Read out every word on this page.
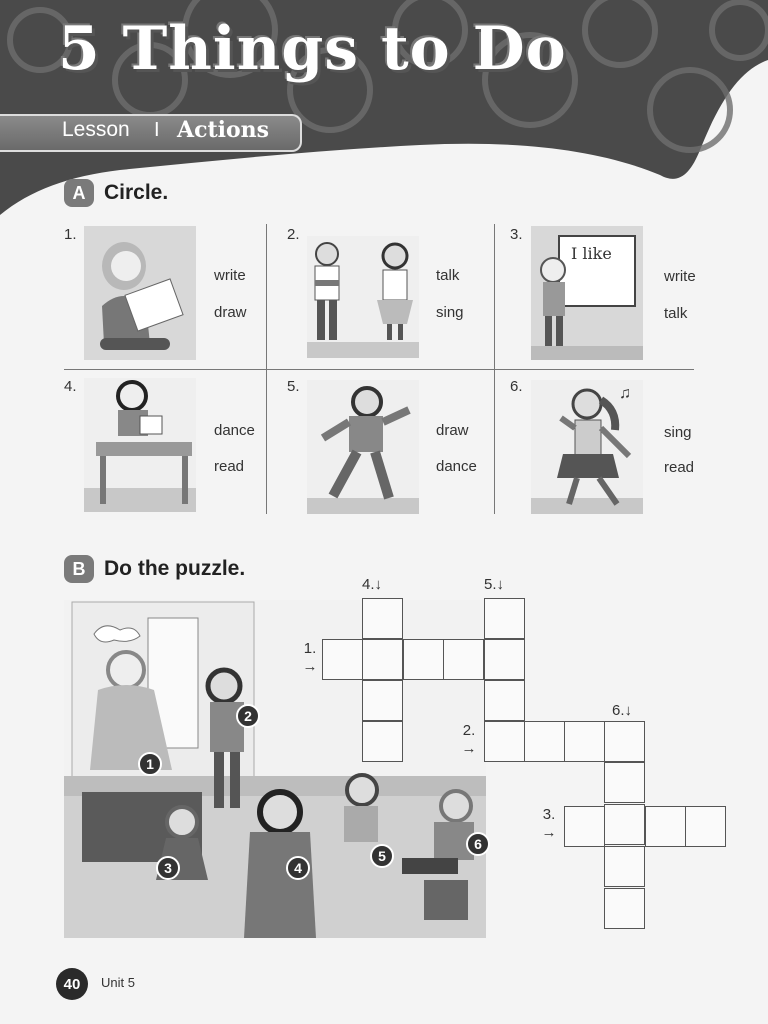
5 Things to Do
Lesson I Actions
A Circle.
1.
write
draw
2.
talk
sing
3.
I like
write
talk
4.
dance
read
5.
draw
dance
6.	♫
sing
read
B Do the puzzle.
1
2
3	4
5
6
4.↓	5.↓
1.
→
2.
→
3.
→
6.↓
40	Unit 5
